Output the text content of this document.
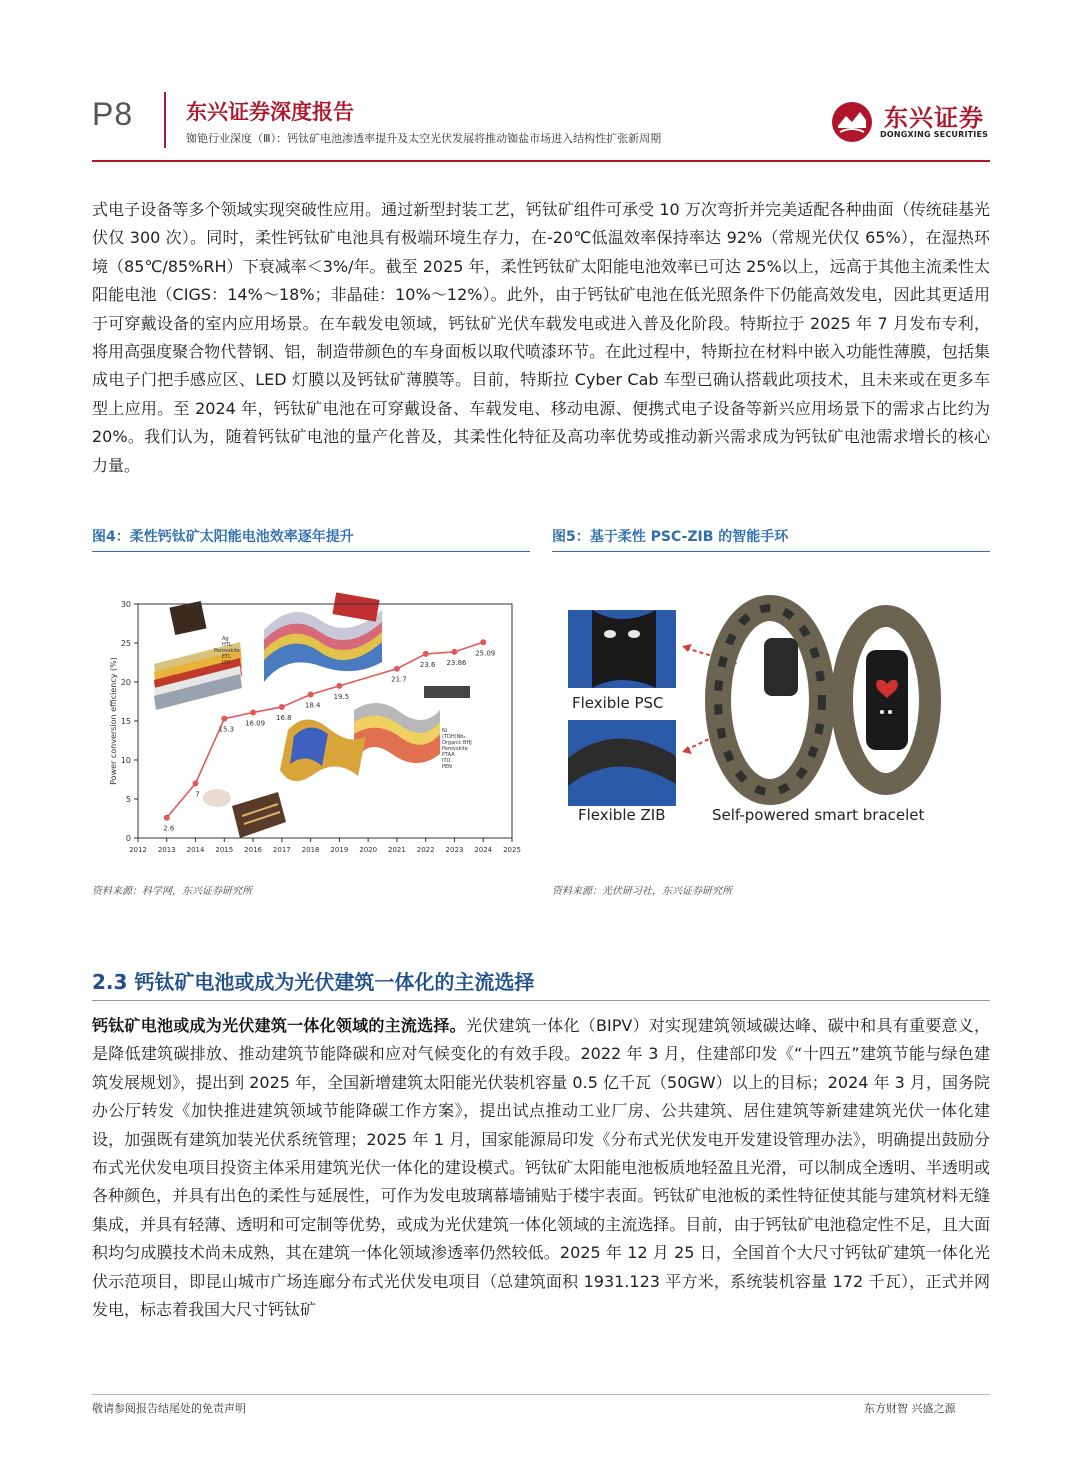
P8	东兴证券深度报告
铷铯行业深度（Ⅲ）：钙钛矿电池渗透率提升及太空光伏发展将推动铷盐市场进入结构性扩张新周期
东兴证券
DONGXING SECURITIES
式电子设备等多个领域实现突破性应用。通过新型封装工艺，钙钛矿组件可承受 10 万次弯折并完美适配各种曲面（传统硅基光伏仅 300 次）。同时，柔性钙钛矿电池具有极端环境生存力，在-20℃低温效率保持率达 92%（常规光伏仅 65%），在湿热环境（85℃/85%RH）下衰减率＜3%/年。截至 2025 年，柔性钙钛矿太阳能电池效率已可达 25%以上，远高于其他主流柔性太阳能电池（CIGS：14%～18%；非晶硅：10%～12%）。此外，由于钙钛矿电池在低光照条件下仍能高效发电，因此其更适用于可穿戴设备的室内应用场景。在车载发电领域，钙钛矿光伏车载发电或进入普及化阶段。特斯拉于 2025 年 7 月发布专利，将用高强度聚合物代替钢、铝，制造带颜色的车身面板以取代喷漆环节。在此过程中，特斯拉在材料中嵌入功能性薄膜，包括集成电子门把手感应区、LED 灯膜以及钙钛矿薄膜等。目前，特斯拉 Cyber Cab 车型已确认搭载此项技术，且未来或在更多车型上应用。至 2024 年，钙钛矿电池在可穿戴设备、车载发电、移动电源、便携式电子设备等新兴应用场景下的需求占比约为 20%。我们认为，随着钙钛矿电池的量产化普及，其柔性化特征及高功率优势或推动新兴需求成为钙钛矿电池需求增长的核心力量。
图4：柔性钙钛矿太阳能电池效率逐年提升
Ag
HTL
Perovskite
ETL
ITO
Ni
(TDH)Nb₂
Organic BHJ
Perovskite
PTAA
ITO
PEN
0
5
10
15
20
25
30
2012 2013 2014 2015 2016 2017 2018 2019 2020 2021 2022 2023 2024 2025
Power conversion efficiency (%)
2.6
7
15.3
16.09
16.8
18.4
19.5
21.7
23.6 23.86
25.09
资料来源：科学网，东兴证券研究所
图5：基于柔性 PSC-ZIB 的智能手环
Flexible PSC
Flexible ZIB	Self-powered smart bracelet
资料来源：光伏研习社，东兴证券研究所
2.3 钙钛矿电池或成为光伏建筑一体化的主流选择
钙钛矿电池或成为光伏建筑一体化领域的主流选择。光伏建筑一体化（BIPV）对实现建筑领域碳达峰、碳中和具有重要意义，是降低建筑碳排放、推动建筑节能降碳和应对气候变化的有效手段。2022 年 3 月，住建部印发《“十四五”建筑节能与绿色建筑发展规划》，提出到 2025 年，全国新增建筑太阳能光伏装机容量 0.5 亿千瓦（50GW）以上的目标；2024 年 3 月，国务院办公厅转发《加快推进建筑领域节能降碳工作方案》，提出试点推动工业厂房、公共建筑、居住建筑等新建建筑光伏一体化建设，加强既有建筑加装光伏系统管理；2025 年 1 月，国家能源局印发《分布式光伏发电开发建设管理办法》，明确提出鼓励分布式光伏发电项目投资主体采用建筑光伏一体化的建设模式。钙钛矿太阳能电池板质地轻盈且光滑，可以制成全透明、半透明或各种颜色，并具有出色的柔性与延展性，可作为发电玻璃幕墙铺贴于楼宇表面。钙钛矿电池板的柔性特征使其能与建筑材料无缝集成，并具有轻薄、透明和可定制等优势，或成为光伏建筑一体化领域的主流选择。目前，由于钙钛矿电池稳定性不足，且大面积均匀成膜技术尚未成熟，其在建筑一体化领域渗透率仍然较低。2025 年 12 月 25 日，全国首个大尺寸钙钛矿建筑一体化光伏示范项目，即昆山城市广场连廊分布式光伏发电项目（总建筑面积 1931.123 平方米，系统装机容量 172 千瓦），正式并网发电，标志着我国大尺寸钙钛矿
敬请参阅报告结尾处的免责声明	东方财智 兴盛之源
